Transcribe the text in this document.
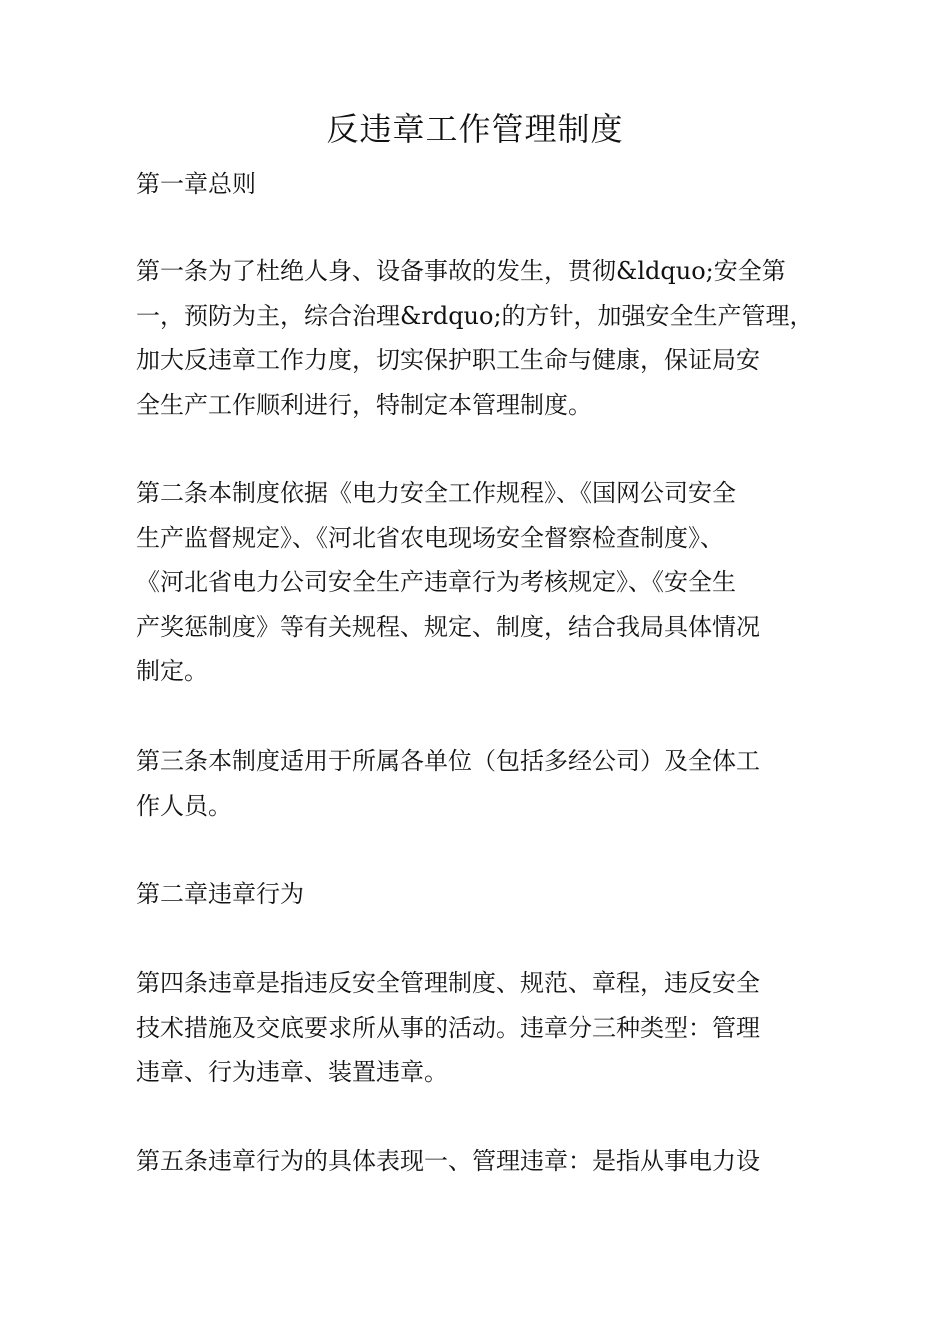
反违章工作管理制度
第一章总则
第一条为了杜绝人身、设备事故的发生，贯彻&ldquo;安全第
一，预防为主，综合治理&rdquo;的方针，加强安全生产管理，
加大反违章工作力度，切实保护职工生命与健康，保证局安
全生产工作顺利进行，特制定本管理制度。
第二条本制度依据《电力安全工作规程》、《国网公司安全
生产监督规定》、《河北省农电现场安全督察检查制度》、
《河北省电力公司安全生产违章行为考核规定》、《安全生
产奖惩制度》等有关规程、规定、制度，结合我局具体情况
制定。
第三条本制度适用于所属各单位（包括多经公司）及全体工
作人员。
第二章违章行为
第四条违章是指违反安全管理制度、规范、章程，违反安全
技术措施及交底要求所从事的活动。违章分三种类型：管理
违章、行为违章、装置违章。
第五条违章行为的具体表现一、管理违章：是指从事电力设
